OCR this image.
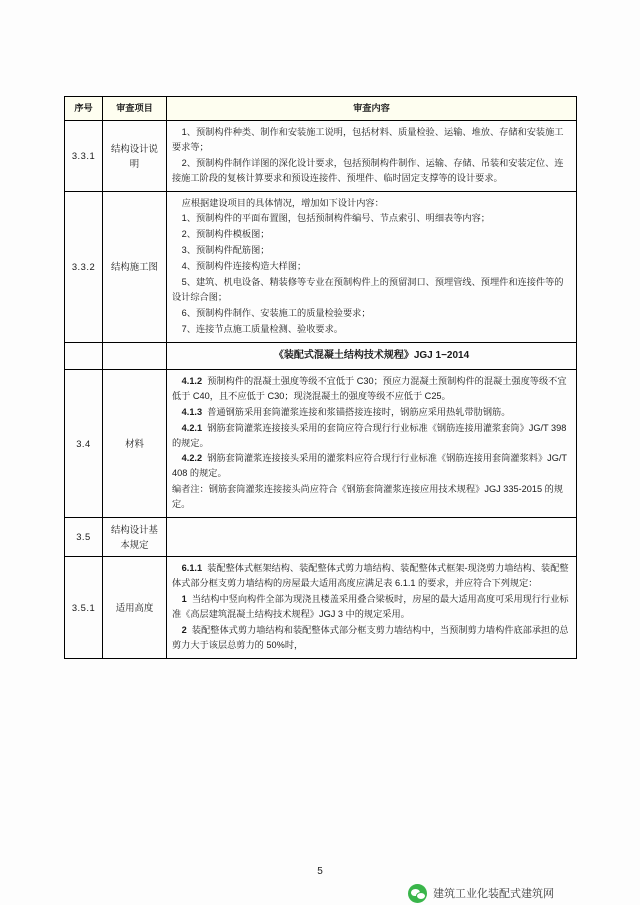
序号	审查项目	审查内容
3.3.1	结构设计说明	1、预制构件种类、制作和安装施工说明，包括材料、质量检验、运输、堆放、存储和安装施工要求等；

2、预制构件制作详图的深化设计要求，包括预制构件制作、运输、存储、吊装和安装定位、连接施工阶段的复核计算要求和预设连接件、预埋件、临时固定支撑等的设计要求。

3.3.2	结构施工图	

应根据建设项目的具体情况，增加如下设计内容：

1、预制构件的平面布置图，包括预制构件编号、节点索引、明细表等内容；

2、预制构件模板图；

3、预制构件配筋图；

4、预制构件连接构造大样图；

5、建筑、机电设备、精装修等专业在预制构件上的预留洞口、预埋管线、预埋件和连接件等的设计综合图；

6、预制构件制作、安装施工的质量检验要求；

7、连接节点施工质量检测、验收要求。

		《装配式混凝土结构技术规程》JGJ 1−2014

3.4	材料	4.1.2 预制构件的混凝土强度等级不宜低于 C30；预应力混凝土预制构件的混凝土强度等级不宜低于 C40，且不应低于 C30；现浇混凝土的强度等级不应低于 C25。

4.1.3 普通钢筋采用套筒灌浆连接和浆锚搭接连接时，钢筋应采用热轧带肋钢筋。

4.2.1 钢筋套筒灌浆连接接头采用的套筒应符合现行行业标准《钢筋连接用灌浆套筒》JG/T 398 的规定。

4.2.2 钢筋套筒灌浆连接接头采用的灌浆料应符合现行行业标准《钢筋连接用套筒灌浆料》JG/T 408 的规定。

编者注：钢筋套筒灌浆连接接头尚应符合《钢筋套筒灌浆连接应用技术规程》JGJ 335-2015 的规定。

3.5	结构设计基本规定	
3.5.1	适用高度	6.1.1 装配整体式框架结构、装配整体式剪力墙结构、装配整体式框架-现浇剪力墙结构、装配整体式部分框支剪力墙结构的房屋最大适用高度应满足表 6.1.1 的要求，并应符合下列规定：

1 当结构中竖向构件全部为现浇且楼盖采用叠合梁板时，房屋的最大适用高度可采用现行行业标准《高层建筑混凝土结构技术规程》JGJ 3 中的规定采用。

2 装配整体式剪力墙结构和装配整体式部分框支剪力墙结构中，当预制剪力墙构件底部承担的总剪力大于该层总剪力的 50%时，

5
建筑工业化装配式建筑网
